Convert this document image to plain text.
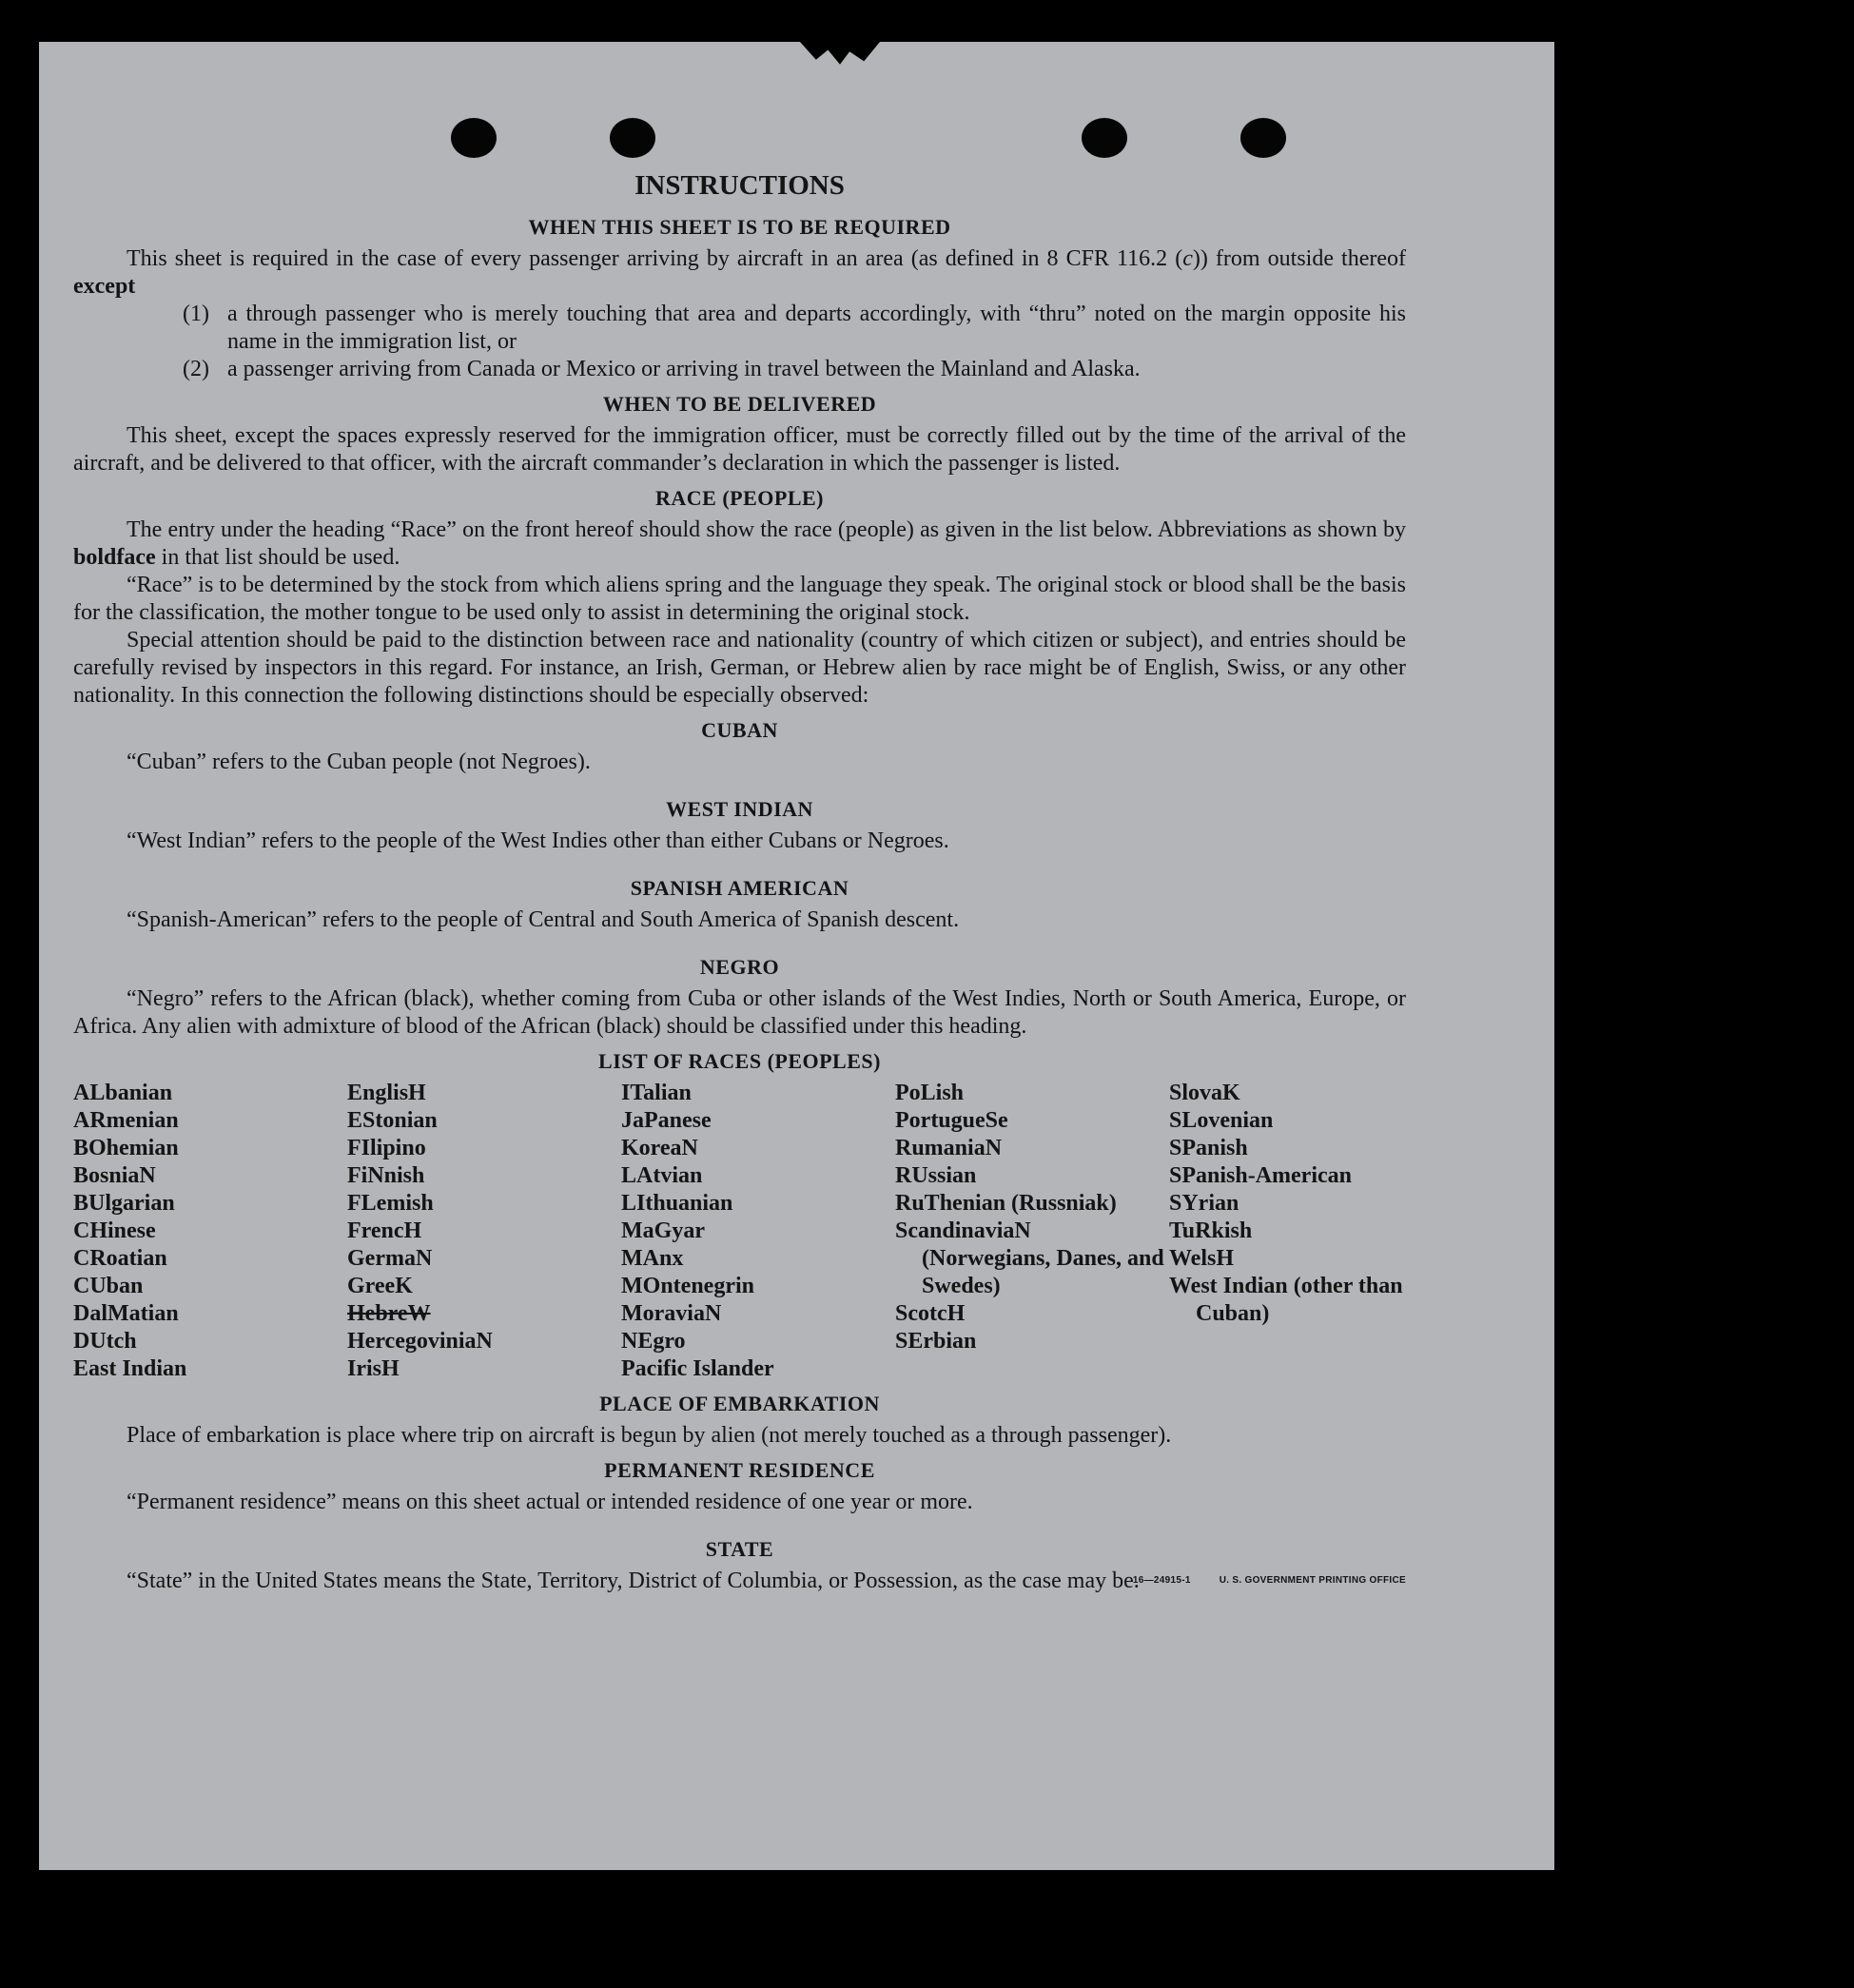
INSTRUCTIONS
WHEN THIS SHEET IS TO BE REQUIRED

This sheet is required in the case of every passenger arriving by aircraft in an area (as defined in 8 CFR 116.2 (c)) from outside thereof except

(1) a through passenger who is merely touching that area and departs accordingly, with “thru” noted on the margin opposite his name in the immigration list, or
(2) a passenger arriving from Canada or Mexico or arriving in travel between the Mainland and Alaska.
WHEN TO BE DELIVERED

This sheet, except the spaces expressly reserved for the immigration officer, must be correctly filled out by the time of the arrival of the aircraft, and be delivered to that officer, with the aircraft commander’s declaration in which the passenger is listed.

RACE (PEOPLE)

The entry under the heading “Race” on the front hereof should show the race (people) as given in the list below. Abbreviations as shown by boldface in that list should be used.

“Race” is to be determined by the stock from which aliens spring and the language they speak. The original stock or blood shall be the basis for the classification, the mother tongue to be used only to assist in determining the original stock.

Special attention should be paid to the distinction between race and nationality (country of which citizen or subject), and entries should be carefully revised by inspectors in this regard. For instance, an Irish, German, or Hebrew alien by race might be of English, Swiss, or any other nationality. In this connection the following distinctions should be especially observed:

CUBAN

“Cuban” refers to the Cuban people (not Negroes).

WEST INDIAN

“West Indian” refers to the people of the West Indies other than either Cubans or Negroes.

SPANISH AMERICAN

“Spanish-American” refers to the people of Central and South America of Spanish descent.

NEGRO

“Negro” refers to the African (black), whether coming from Cuba or other islands of the West Indies, North or South America, Europe, or Africa. Any alien with admixture of blood of the African (black) should be classified under this heading.

LIST OF RACES (PEOPLES)
ALbanian
ARmenian
BOhemian
BosniaN
BUlgarian
CHinese
CRoatian
CUban
DalMatian
DUtch
East Indian
EnglisH
EStonian
FIlipino
FiNnish
FLemish
FrencH
GermaN
GreeK
HebreW
HercegoviniaN
IrisH
ITalian
JaPanese
KoreaN
LAtvian
LIthuanian
MaGyar
MAnx
MOntenegrin
MoraviaN
NEgro
Pacific Islander
PoLish
PortugueSe
RumaniaN
RUssian
RuThenian (Russniak)
ScandinaviaN (Norwegians, Danes, and Swedes)
ScotcH
SErbian
SlovaK
SLovenian
SPanish
SPanish-American
SYrian
TuRkish
WelsH
West Indian (other than Cuban)
PLACE OF EMBARKATION

Place of embarkation is place where trip on aircraft is begun by alien (not merely touched as a through passenger).

PERMANENT RESIDENCE

“Permanent residence” means on this sheet actual or intended residence of one year or more.

STATE

“State” in the United States means the State, Territory, District of Columbia, or Possession, as the case may be.

16—24915-1	U. S. GOVERNMENT PRINTING OFFICE
